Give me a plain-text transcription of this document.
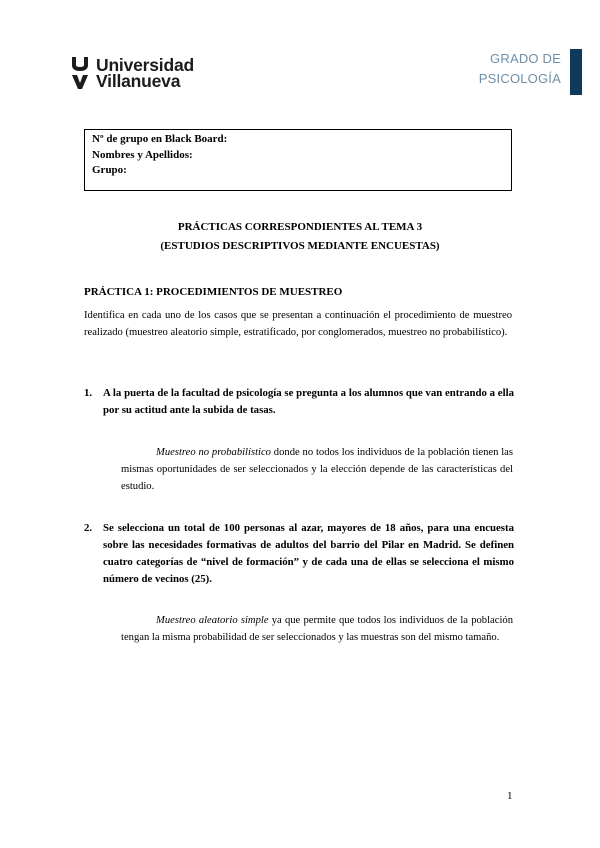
Universidad
Villanueva
GRADO DE
PSICOLOGÍA
Nº de grupo en Black Board:
Nombres y Apellidos:
Grupo:
PRÁCTICAS CORRESPONDIENTES AL TEMA 3
(ESTUDIOS DESCRIPTIVOS MEDIANTE ENCUESTAS)
PRÁCTICA 1: PROCEDIMIENTOS DE MUESTREO
Identifica en cada uno de los casos que se presentan a continuación el procedimiento de muestreo realizado (muestreo aleatorio simple, estratificado, por conglomerados, muestreo no probabilístico).
1. A la puerta de la facultad de psicología se pregunta a los alumnos que van entrando a ella por su actitud ante la subida de tasas.
Muestreo no probabilístico donde no todos los individuos de la población tienen las mismas oportunidades de ser seleccionados y la elección depende de las características del estudio.
2. Se selecciona un total de 100 personas al azar, mayores de 18 años, para una encuesta sobre las necesidades formativas de adultos del barrio del Pilar en Madrid. Se definen cuatro categorías de “nivel de formación” y de cada una de ellas se selecciona el mismo número de vecinos (25).
Muestreo aleatorio simple ya que permite que todos los individuos de la población tengan la misma probabilidad de ser seleccionados y las muestras son del mismo tamaño.
1
